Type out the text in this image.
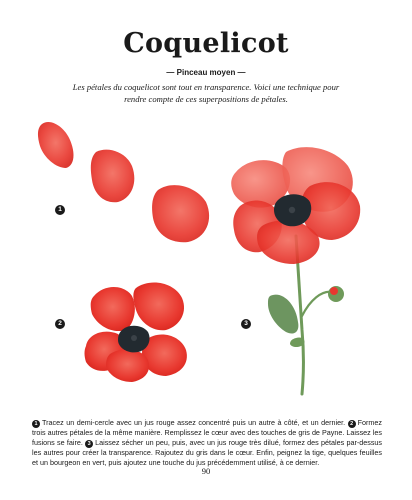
Coquelicot
— Pinceau moyen —
Les pétales du coquelicot sont tout en transparence. Voici une technique pour rendre compte de ces superpositions de pétales.
1
2	3
1 Tracez un demi-cercle avec un jus rouge assez concentré puis un autre à côté, et un dernier. 2 Formez trois autres pétales de la même manière. Remplissez le cœur avec des touches de gris de Payne. Laissez les fusions se faire. 3 Laissez sécher un peu, puis, avec un jus rouge très dilué, formez des pétales par-dessus les autres pour créer la transparence. Rajoutez du gris dans le cœur. Enfin, peignez la tige, quelques feuilles et un bourgeon en vert, puis ajoutez une touche du jus précédemment utilisé, à ce dernier.
90
